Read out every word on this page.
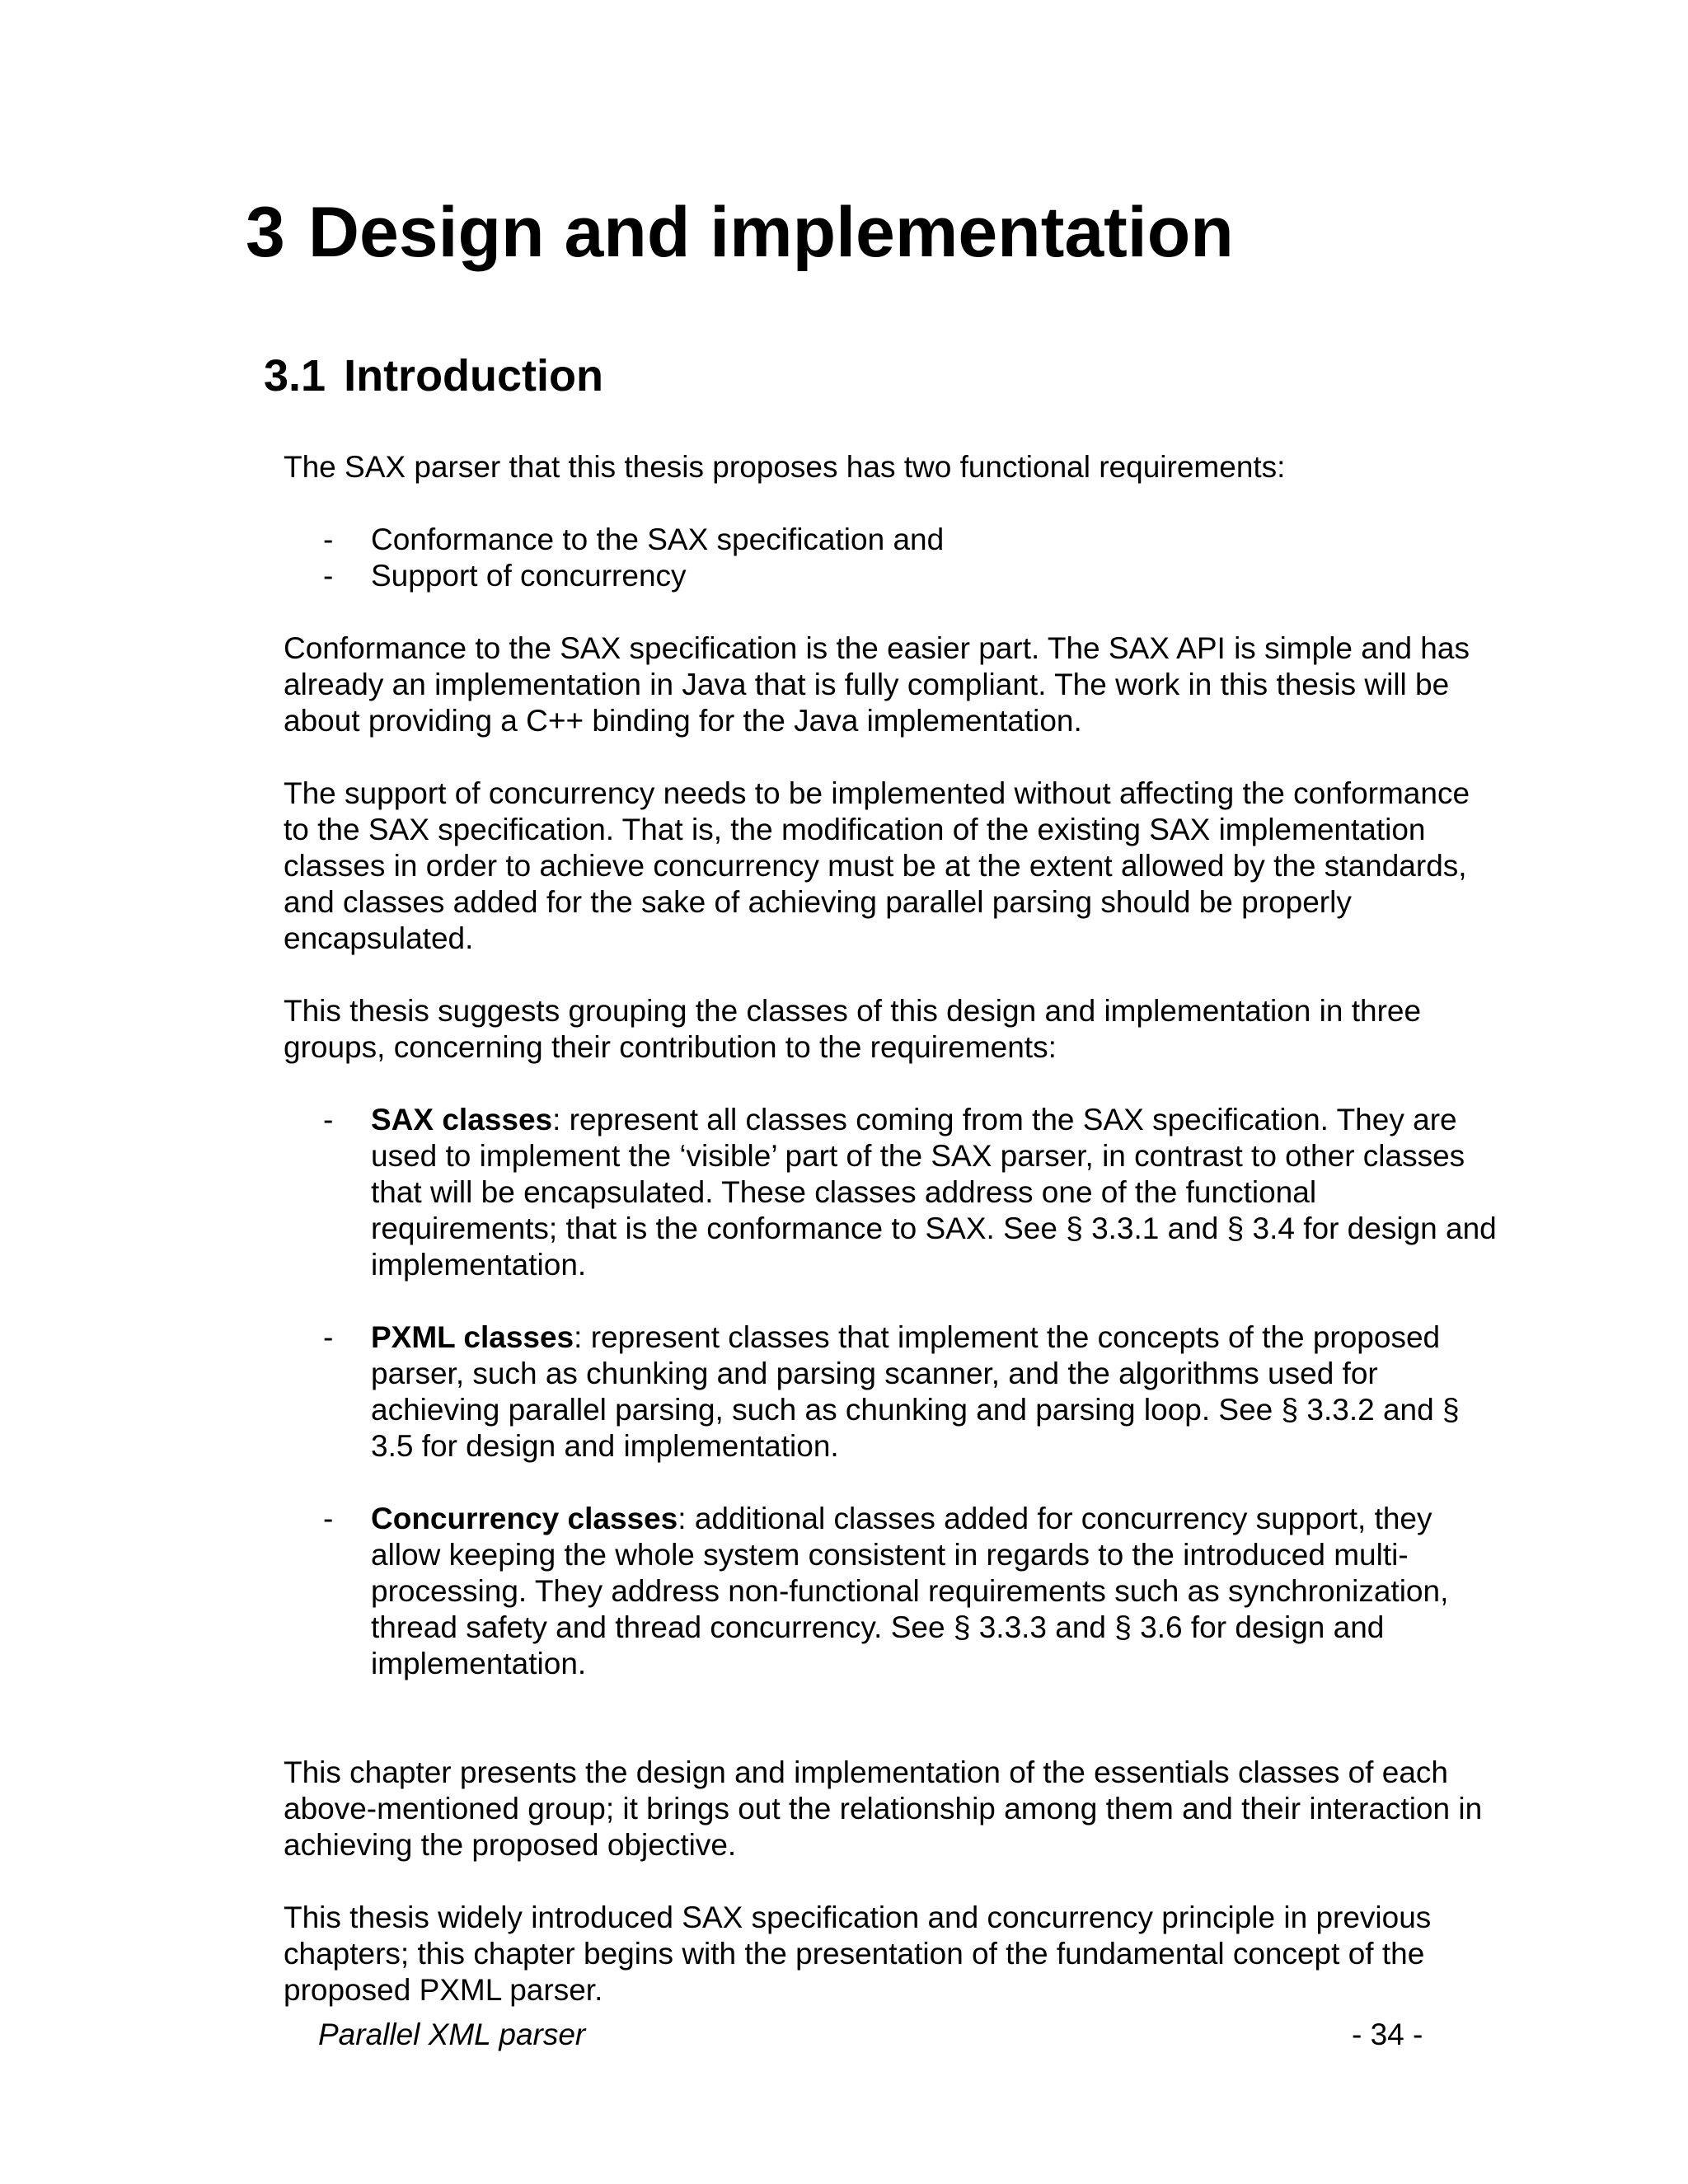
3 Design and implementation
3.1 Introduction

The SAX parser that this thesis proposes has two functional requirements:

- Conformance to the SAX specification and
- Support of concurrency

Conformance to the SAX specification is the easier part. The SAX API is simple and has already an implementation in Java that is fully compliant. The work in this thesis will be about providing a C++ binding for the Java implementation.

The support of concurrency needs to be implemented without affecting the conformance to the SAX specification. That is, the modification of the existing SAX implementation classes in order to achieve concurrency must be at the extent allowed by the standards, and classes added for the sake of achieving parallel parsing should be properly encapsulated.

This thesis suggests grouping the classes of this design and implementation in three groups, concerning their contribution to the requirements:

- SAX classes: represent all classes coming from the SAX specification. They are used to implement the ‘visible’ part of the SAX parser, in contrast to other classes that will be encapsulated. These classes address one of the functional requirements; that is the conformance to SAX. See § 3.3.1 and § 3.4 for design and implementation.
- PXML classes: represent classes that implement the concepts of the proposed parser, such as chunking and parsing scanner, and the algorithms used for achieving parallel parsing, such as chunking and parsing loop. See § 3.3.2 and § 3.5 for design and implementation.
- Concurrency classes: additional classes added for concurrency support, they allow keeping the whole system consistent in regards to the introduced multi-processing. They address non-functional requirements such as synchronization, thread safety and thread concurrency. See § 3.3.3 and § 3.6 for design and implementation.

This chapter presents the design and implementation of the essentials classes of each above-mentioned group; it brings out the relationship among them and their interaction in achieving the proposed objective.

This thesis widely introduced SAX specification and concurrency principle in previous chapters; this chapter begins with the presentation of the fundamental concept of the proposed PXML parser.

Parallel XML parser	- 34 -
